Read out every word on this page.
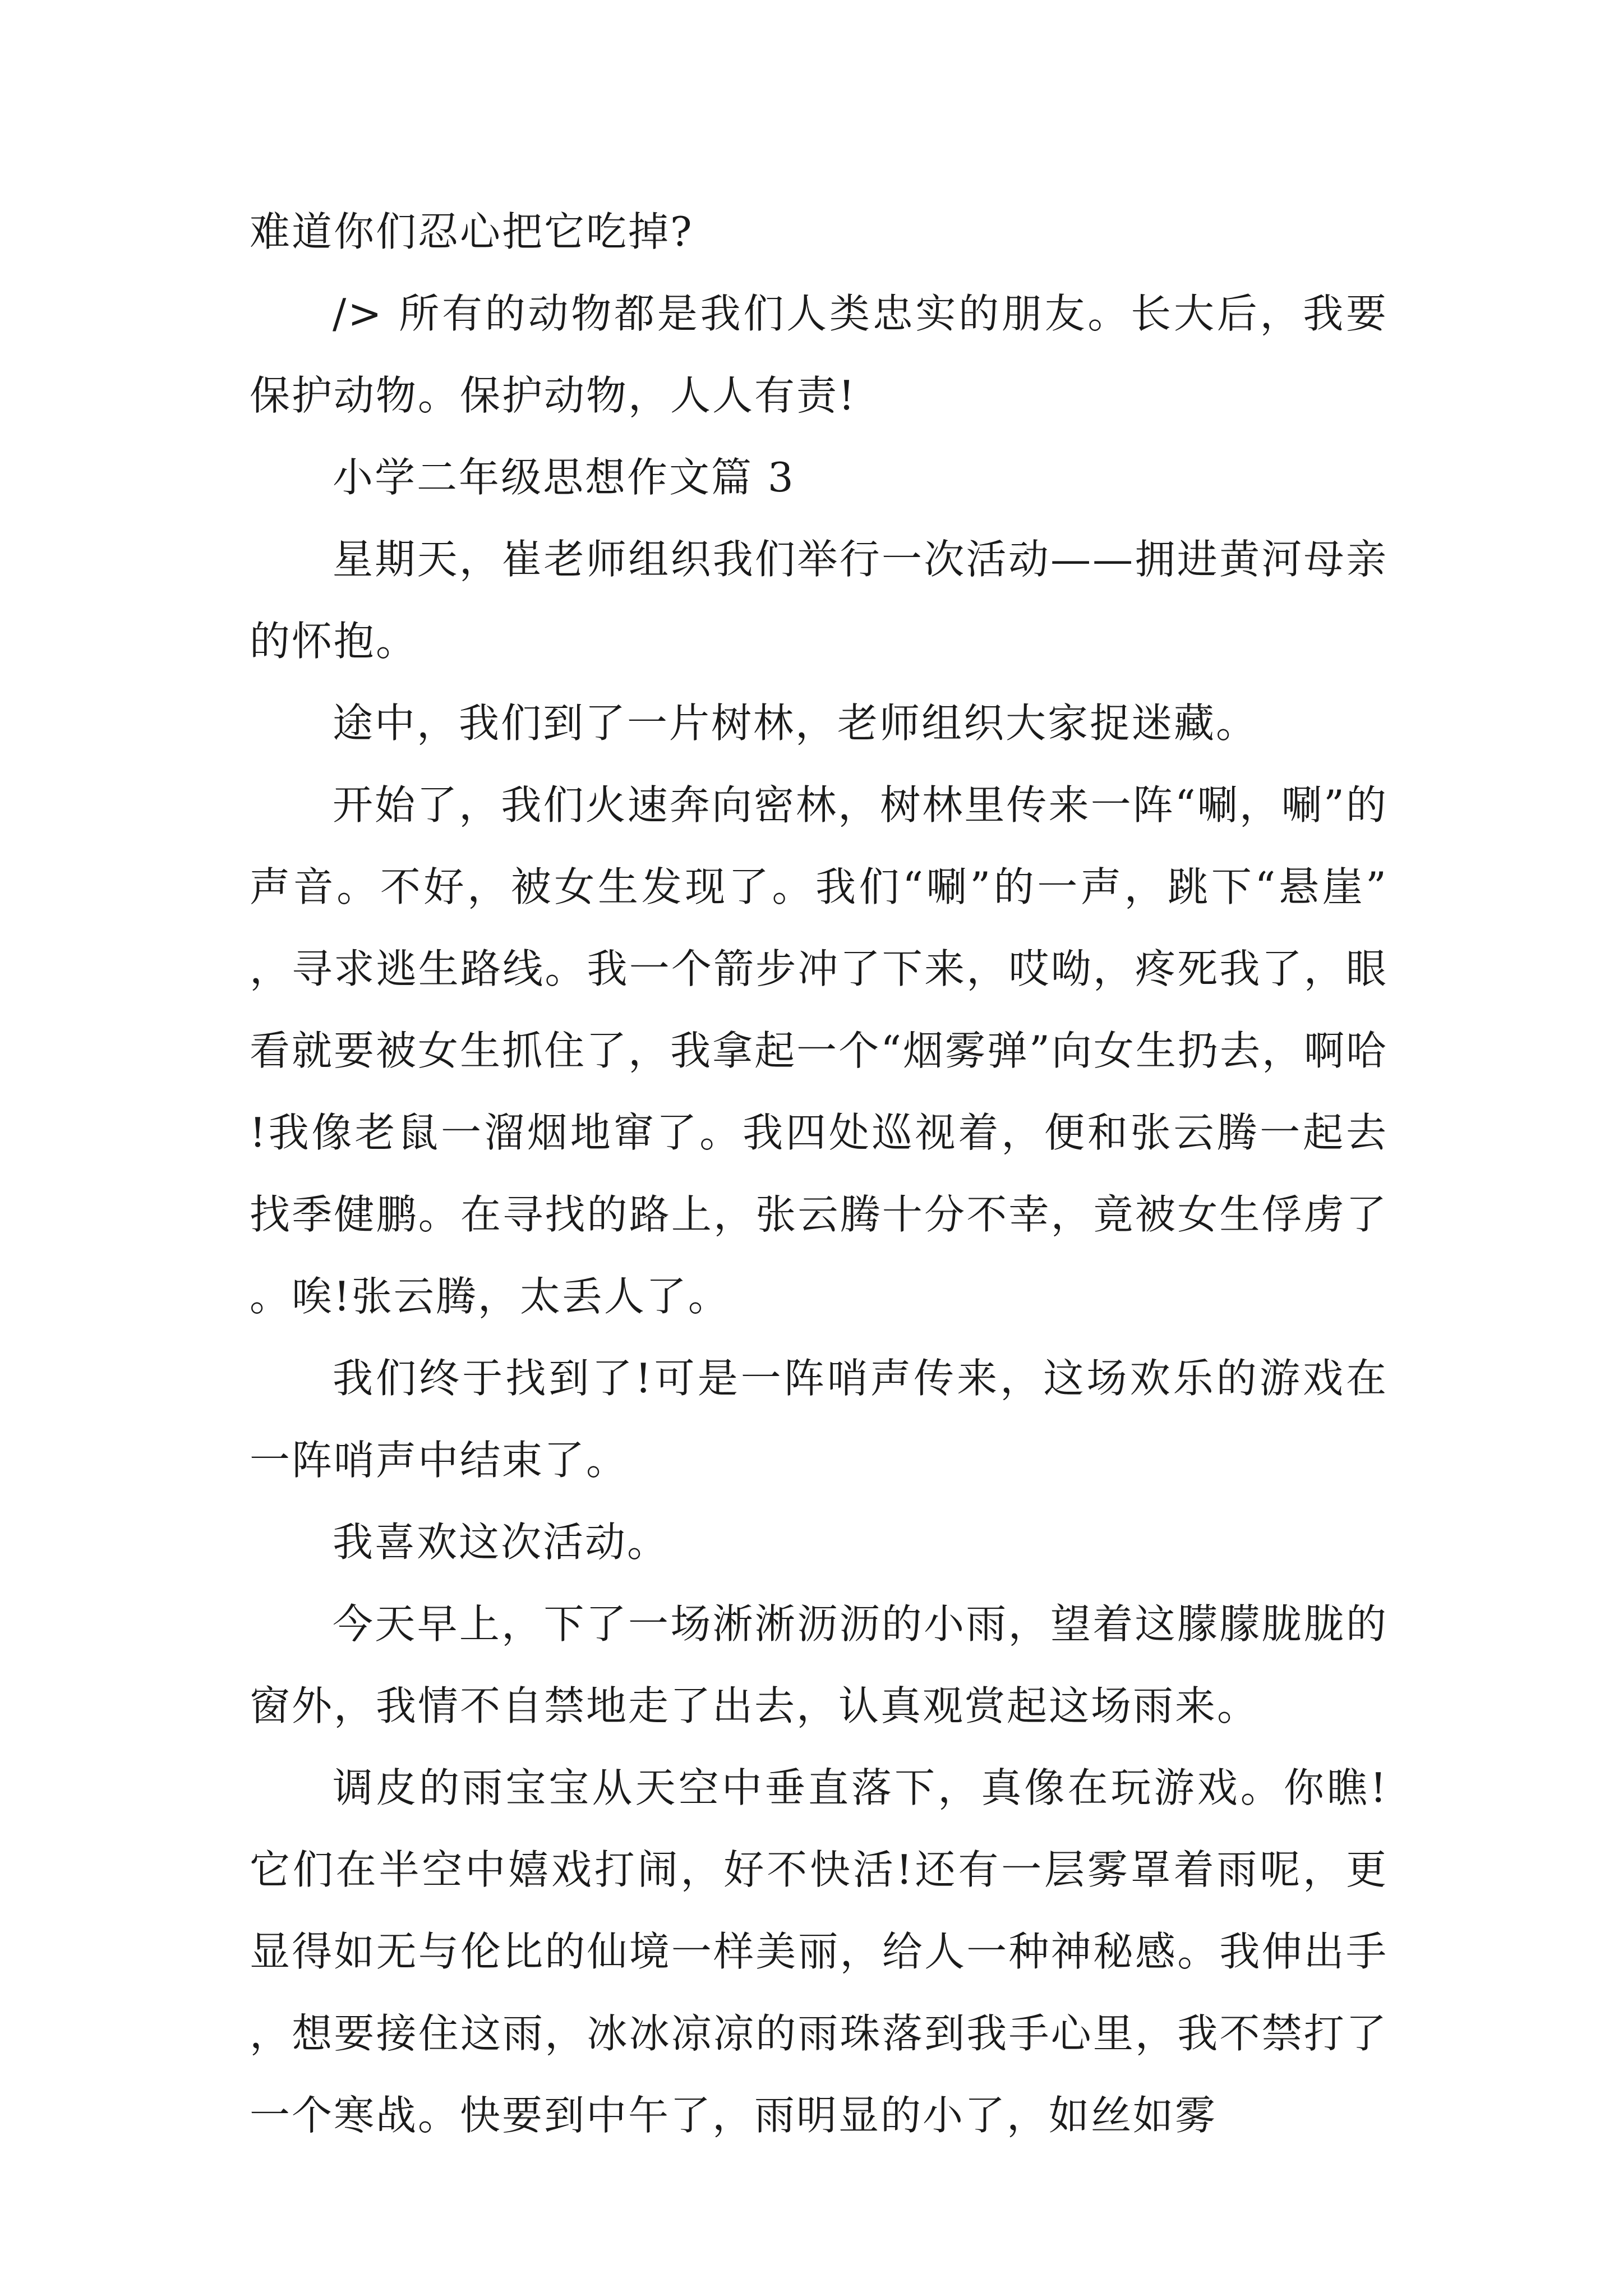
难道你们忍心把它吃掉?

/> 所有的动物都是我们人类忠实的朋友。长大后，我要保护动物。保护动物，人人有责!

小学二年级思想作文篇 3

星期天，崔老师组织我们举行一次活动——拥进黄河母亲的怀抱。

途中，我们到了一片树林，老师组织大家捉迷藏。

开始了，我们火速奔向密林，树林里传来一阵“唰，唰”的声音。不好，被女生发现了。我们“唰”的一声，跳下“悬崖”，寻求逃生路线。我一个箭步冲了下来，哎呦，疼死我了，眼看就要被女生抓住了，我拿起一个“烟雾弹”向女生扔去，啊哈!我像老鼠一溜烟地窜了。我四处巡视着，便和张云腾一起去找季健鹏。在寻找的路上，张云腾十分不幸，竟被女生俘虏了。唉!张云腾，太丢人了。

我们终于找到了!可是一阵哨声传来，这场欢乐的游戏在一阵哨声中结束了。

我喜欢这次活动。

今天早上，下了一场淅淅沥沥的小雨，望着这朦朦胧胧的窗外，我情不自禁地走了出去，认真观赏起这场雨来。

调皮的雨宝宝从天空中垂直落下，真像在玩游戏。你瞧!它们在半空中嬉戏打闹，好不快活!还有一层雾罩着雨呢，更显得如无与伦比的仙境一样美丽，给人一种神秘感。我伸出手，想要接住这雨，冰冰凉凉的雨珠落到我手心里，我不禁打了一个寒战。快要到中午了，雨明显的小了，如丝如雾
